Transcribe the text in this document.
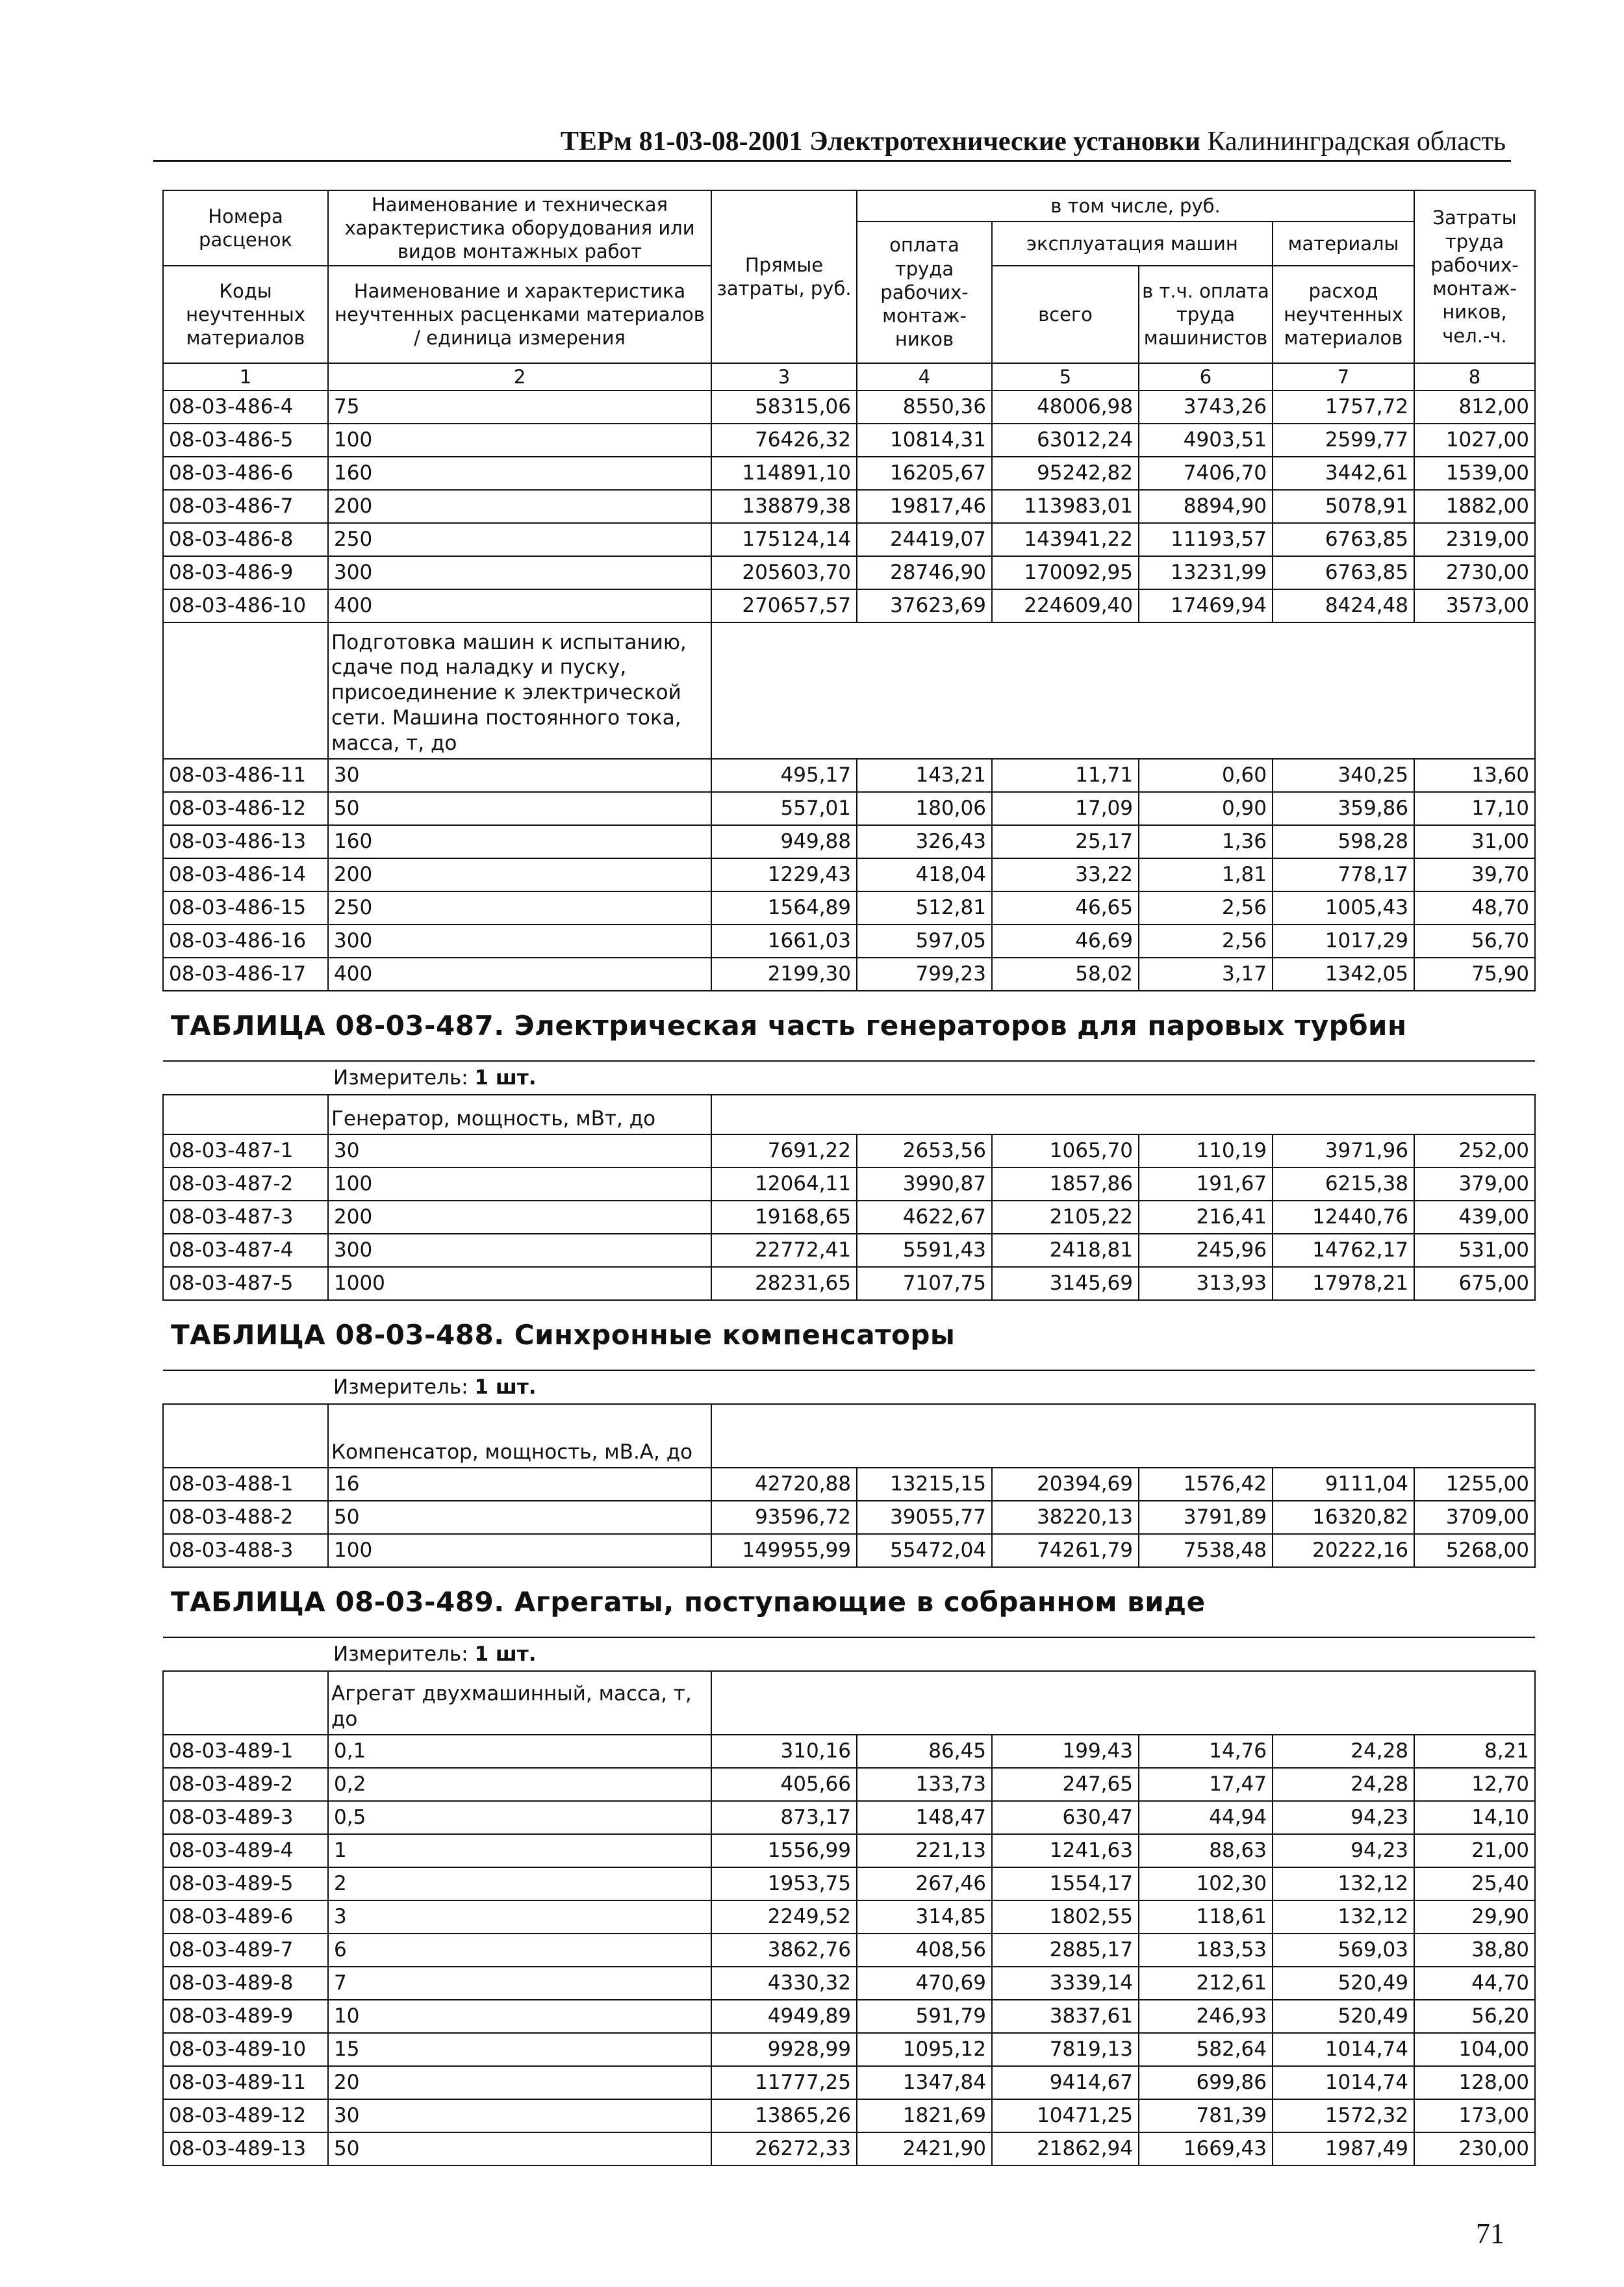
ТЕРм 81-03-08-2001 Электротехнические установки Калининградская область
Номера расценок	Наименование и техническая характеристика оборудования или видов монтажных работ	Прямые затраты, руб.	в том числе, руб.				Затраты труда рабочих-монтаж-ников, чел.-ч.
			оплата труда рабочих-монтаж-ников	эксплуатация машин		материалы	

Коды неучтенных материалов	Наименование и характеристика неучтенных расценками материалов / единица измерения			всего	в т.ч. оплата труда машинистов	расход неучтенных материалов	

1	2	3	4	5	6	7	8
08-03-486-4	75	58315,06	8550,36	48006,98	3743,26	1757,72	812,00
08-03-486-5	100	76426,32	10814,31	63012,24	4903,51	2599,77	1027,00
08-03-486-6	160	114891,10	16205,67	95242,82	7406,70	3442,61	1539,00
08-03-486-7	200	138879,38	19817,46	113983,01	8894,90	5078,91	1882,00
08-03-486-8	250	175124,14	24419,07	143941,22	11193,57	6763,85	2319,00
08-03-486-9	300	205603,70	28746,90	170092,95	13231,99	6763,85	2730,00
08-03-486-10	400	270657,57	37623,69	224609,40	17469,94	8424,48	3573,00
	Подготовка машин к испытанию, сдаче под наладку и пуску, присоединение к электрической сети. Машина постоянного тока, масса, т, до						
08-03-486-11	30	495,17	143,21	11,71	0,60	340,25	13,60
08-03-486-12	50	557,01	180,06	17,09	0,90	359,86	17,10
08-03-486-13	160	949,88	326,43	25,17	1,36	598,28	31,00
08-03-486-14	200	1229,43	418,04	33,22	1,81	778,17	39,70
08-03-486-15	250	1564,89	512,81	46,65	2,56	1005,43	48,70
08-03-486-16	300	1661,03	597,05	46,69	2,56	1017,29	56,70
08-03-486-17	400	2199,30	799,23	58,02	3,17	1342,05	75,90
ТАБЛИЦА 08-03-487. Электрическая часть генераторов для паровых турбин							
	Измеритель: 1 шт.						
	Генератор, мощность, мВт, до						
08-03-487-1	30	7691,22	2653,56	1065,70	110,19	3971,96	252,00
08-03-487-2	100	12064,11	3990,87	1857,86	191,67	6215,38	379,00
08-03-487-3	200	19168,65	4622,67	2105,22	216,41	12440,76	439,00
08-03-487-4	300	22772,41	5591,43	2418,81	245,96	14762,17	531,00
08-03-487-5	1000	28231,65	7107,75	3145,69	313,93	17978,21	675,00
ТАБЛИЦА 08-03-488. Синхронные компенсаторы							
	Измеритель: 1 шт.						
	Компенсатор, мощность, мВ.А, до						
08-03-488-1	16	42720,88	13215,15	20394,69	1576,42	9111,04	1255,00
08-03-488-2	50	93596,72	39055,77	38220,13	3791,89	16320,82	3709,00
08-03-488-3	100	149955,99	55472,04	74261,79	7538,48	20222,16	5268,00
ТАБЛИЦА 08-03-489. Агрегаты, поступающие в собранном виде							
	Измеритель: 1 шт.						
	Агрегат двухмашинный, масса, т, до						
08-03-489-1	0,1	310,16	86,45	199,43	14,76	24,28	8,21
08-03-489-2	0,2	405,66	133,73	247,65	17,47	24,28	12,70
08-03-489-3	0,5	873,17	148,47	630,47	44,94	94,23	14,10
08-03-489-4	1	1556,99	221,13	1241,63	88,63	94,23	21,00
08-03-489-5	2	1953,75	267,46	1554,17	102,30	132,12	25,40
08-03-489-6	3	2249,52	314,85	1802,55	118,61	132,12	29,90
08-03-489-7	6	3862,76	408,56	2885,17	183,53	569,03	38,80
08-03-489-8	7	4330,32	470,69	3339,14	212,61	520,49	44,70
08-03-489-9	10	4949,89	591,79	3837,61	246,93	520,49	56,20
08-03-489-10	15	9928,99	1095,12	7819,13	582,64	1014,74	104,00
08-03-489-11	20	11777,25	1347,84	9414,67	699,86	1014,74	128,00
08-03-489-12	30	13865,26	1821,69	10471,25	781,39	1572,32	173,00
08-03-489-13	50	26272,33	2421,90	21862,94	1669,43	1987,49	230,00
71
